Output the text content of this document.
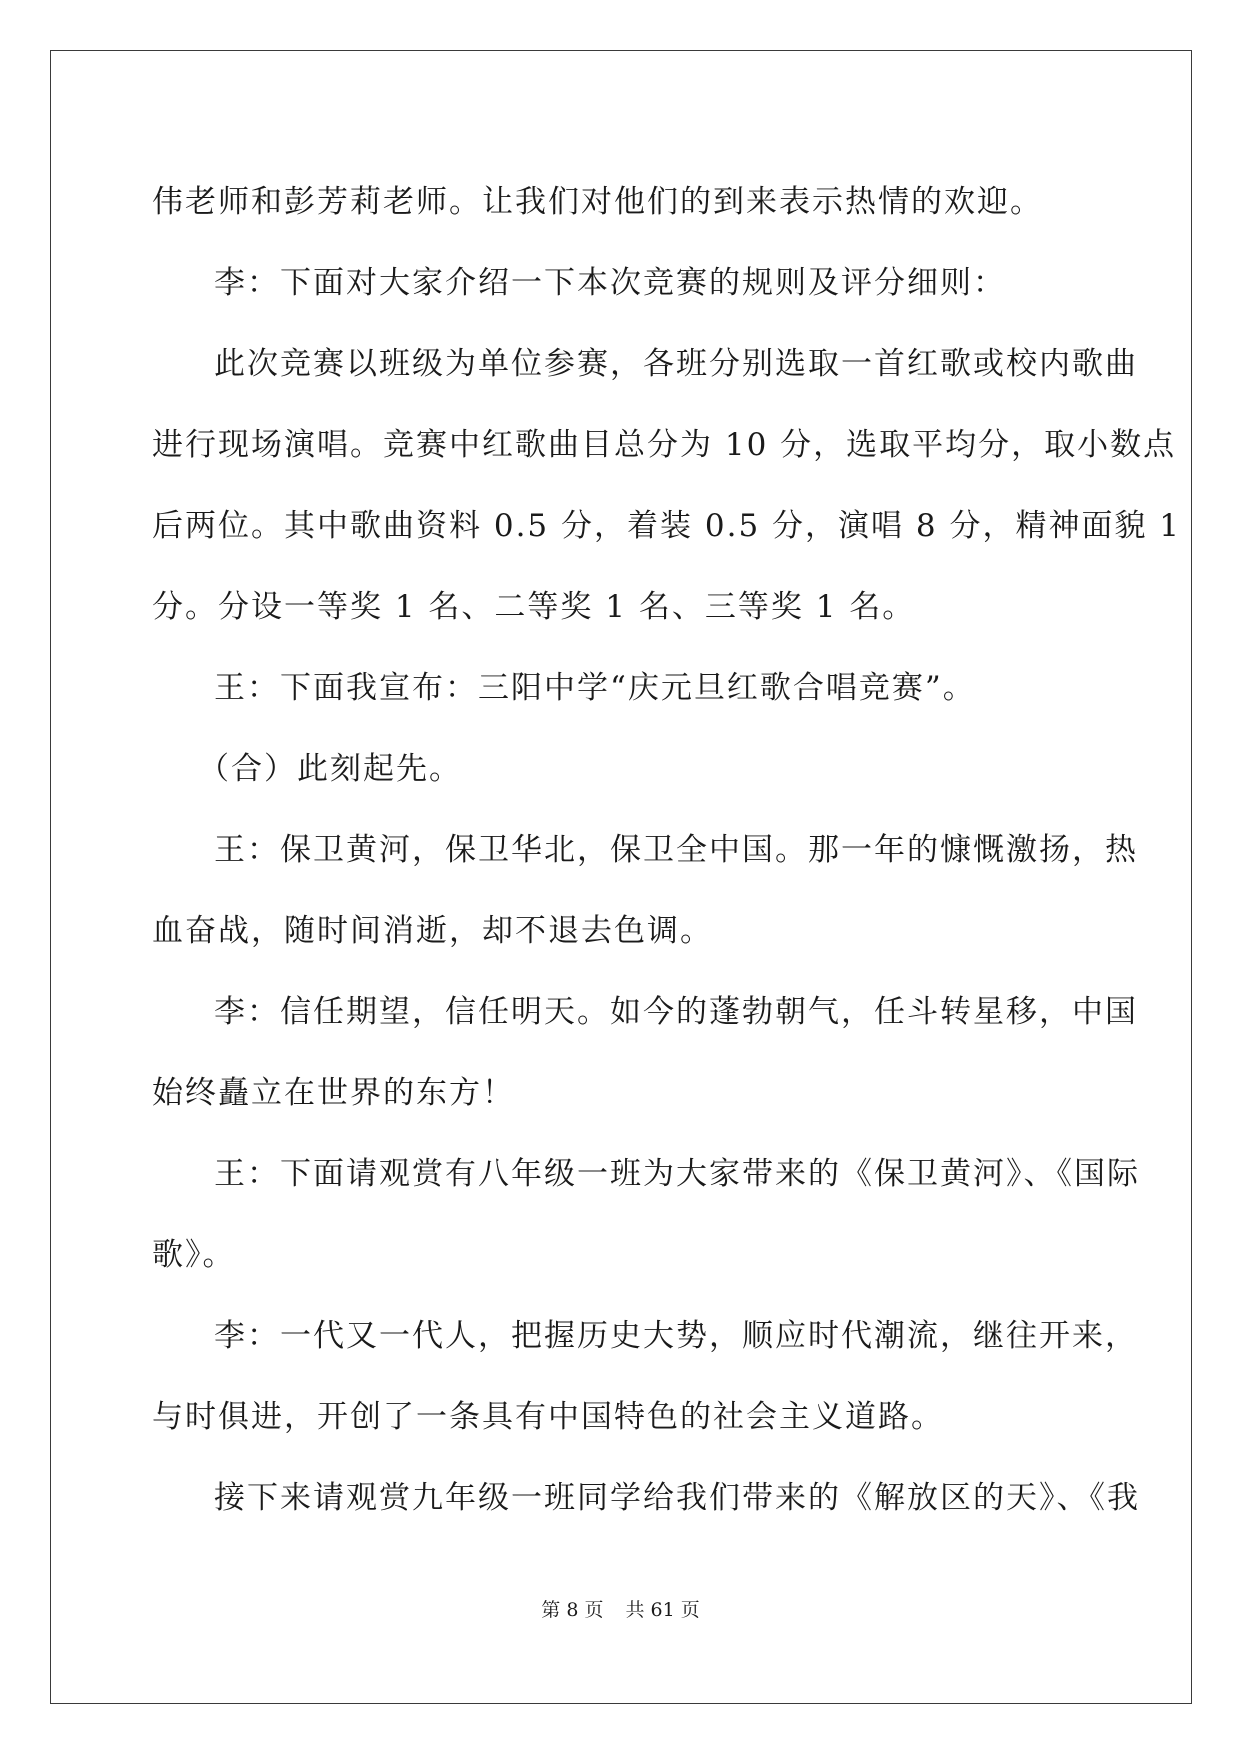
伟老师和彭芳莉老师。让我们对他们的到来表示热情的欢迎。
李：下面对大家介绍一下本次竞赛的规则及评分细则：
此次竞赛以班级为单位参赛，各班分别选取一首红歌或校内歌曲
进行现场演唱。竞赛中红歌曲目总分为 10 分，选取平均分，取小数点
后两位。其中歌曲资料 0.5 分，着装 0.5 分，演唱 8 分，精神面貌 1
分。分设一等奖 1 名、二等奖 1 名、三等奖 1 名。
王：下面我宣布：三阳中学“庆元旦红歌合唱竞赛”。
（合）此刻起先。
王：保卫黄河，保卫华北，保卫全中国。那一年的慷慨激扬，热
血奋战，随时间消逝，却不退去色调。
李：信任期望，信任明天。如今的蓬勃朝气，任斗转星移，中国
始终矗立在世界的东方！
王：下面请观赏有八年级一班为大家带来的《保卫黄河》、《国际
歌》。
李：一代又一代人，把握历史大势，顺应时代潮流，继往开来，
与时俱进，开创了一条具有中国特色的社会主义道路。
接下来请观赏九年级一班同学给我们带来的《解放区的天》、《我

第 8 页 共 61 页
